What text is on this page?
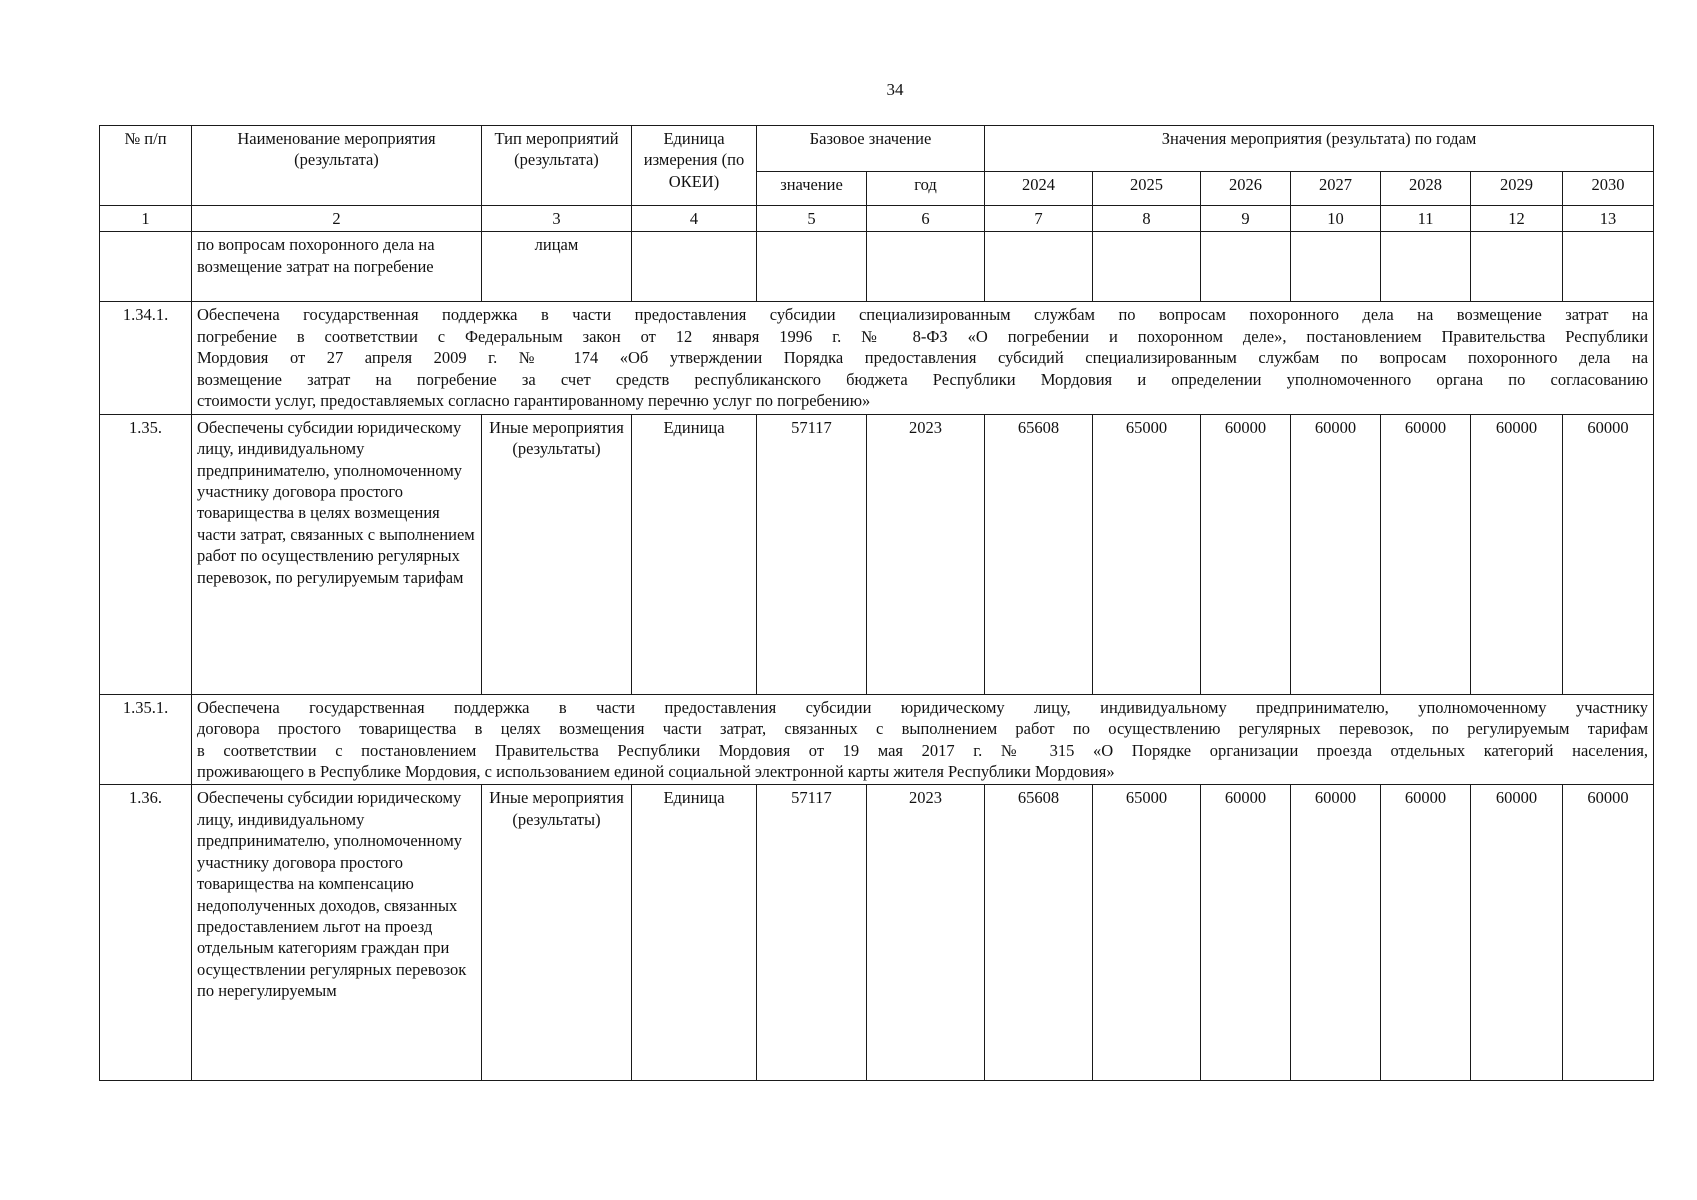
34
№ п/п	Наименование мероприятия (результата)	Тип мероприятий (результата)	Единица измерения (по ОКЕИ)	Базовое значение		Значения мероприятия (результата) по годам						
				значение	год	2024	2025	2026	2027	2028	2029	2030
1	2	3	4	5	6	7	8	9	10	11	12	13
	по вопросам похоронного дела на возмещение затрат на погребение	лицам										
1.34.1.	Обеспечена государственная поддержка в части предоставления субсидии специализированным службам по вопросам похоронного дела на возмещение затрат на
погребение в соответствии с Федеральным закон от 12 января 1996 г. № 8-ФЗ «О погребении и похоронном деле», постановлением Правительства Республики
Мордовия от 27 апреля 2009 г. № 174 «Об утверждении Порядка предоставления субсидий специализированным службам по вопросам похоронного дела на
возмещение затрат на погребение за счет средств республиканского бюджета Республики Мордовия и определении уполномоченного органа по согласованию
стоимости услуг, предоставляемых согласно гарантированному перечню услуг по погребению»											

1.35.	Обеспечены субсидии юридическому лицу, индивидуальному предпринимателю, уполномоченному участнику договора простого товарищества в целях возмещения части затрат, связанных с выполнением работ по осуществлению регулярных перевозок, по регулируемым тарифам	Иные мероприятия (результаты)	Единица	57117	2023	65608	65000	60000	60000	60000	60000	60000
1.35.1.	Обеспечена государственная поддержка в части предоставления субсидии юридическому лицу, индивидуальному предпринимателю, уполномоченному участнику
договора простого товарищества в целях возмещения части затрат, связанных с выполнением работ по осуществлению регулярных перевозок, по регулируемым тарифам
в соответствии с постановлением Правительства Республики Мордовия от 19 мая 2017 г. № 315 «О Порядке организации проезда отдельных категорий населения,
проживающего в Республике Мордовия, с использованием единой социальной электронной карты жителя Республики Мордовия»											

1.36.	Обеспечены субсидии юридическому лицу, индивидуальному предпринимателю, уполномоченному участнику договора простого товарищества на компенсацию недополученных доходов, связанных предоставлением льгот на проезд отдельным категориям граждан при осуществлении регулярных перевозок по нерегулируемым	Иные мероприятия (результаты)	Единица	57117	2023	65608	65000	60000	60000	60000	60000	60000
